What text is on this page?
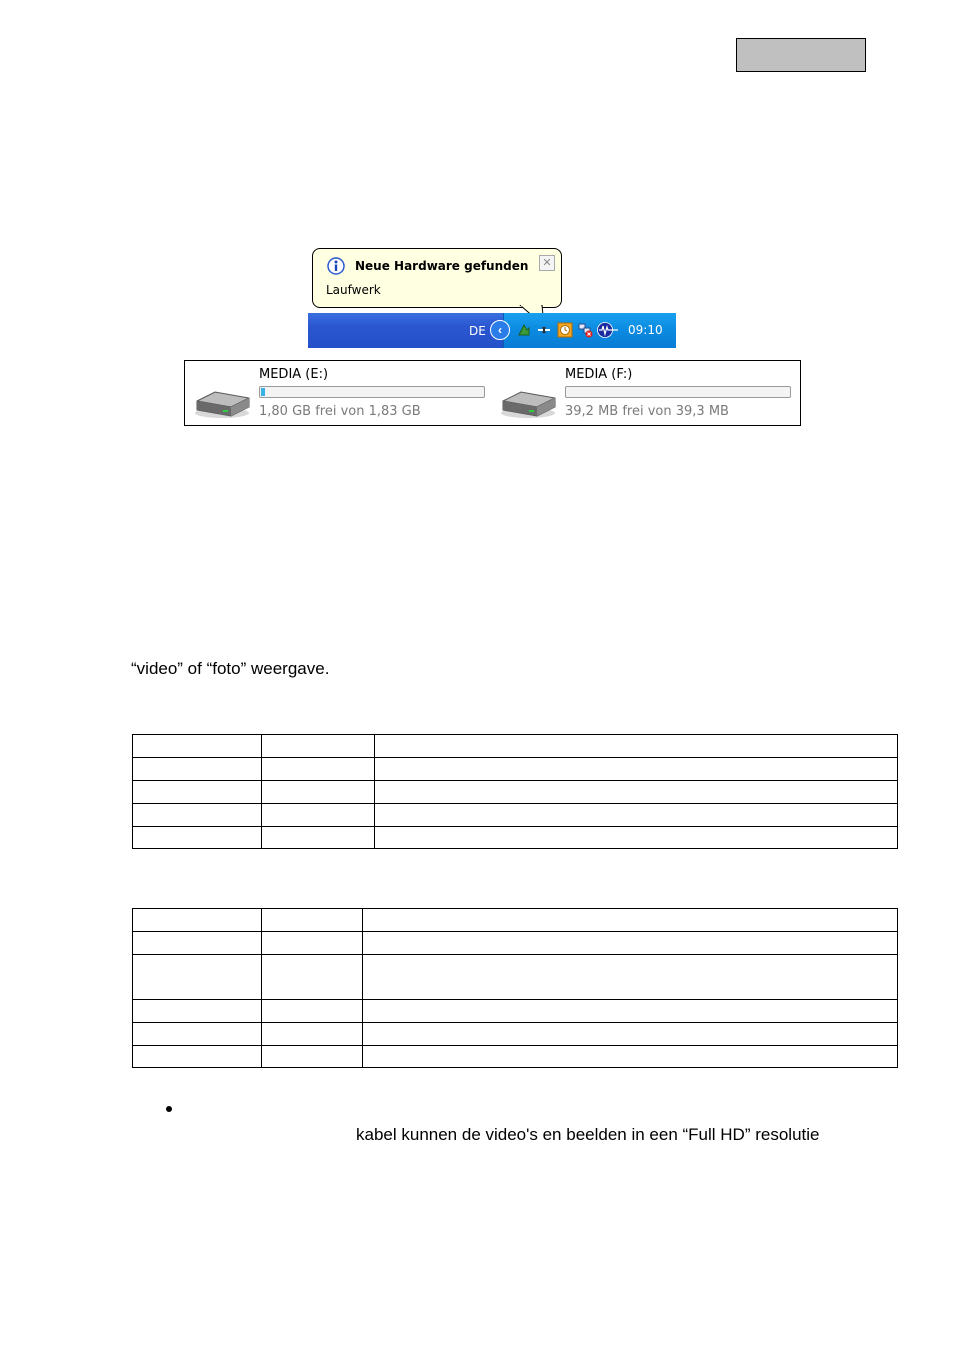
Neue Hardware gefunden
Laufwerk
✕
DE	‹	09:10
MEDIA (E:)
1,80 GB frei von 1,83 GB
MEDIA (F:)
39,2 MB frei von 39,3 MB
“video” of “foto” weergave.

kabel kunnen de video's en beelden in een “Full HD” resolutie
